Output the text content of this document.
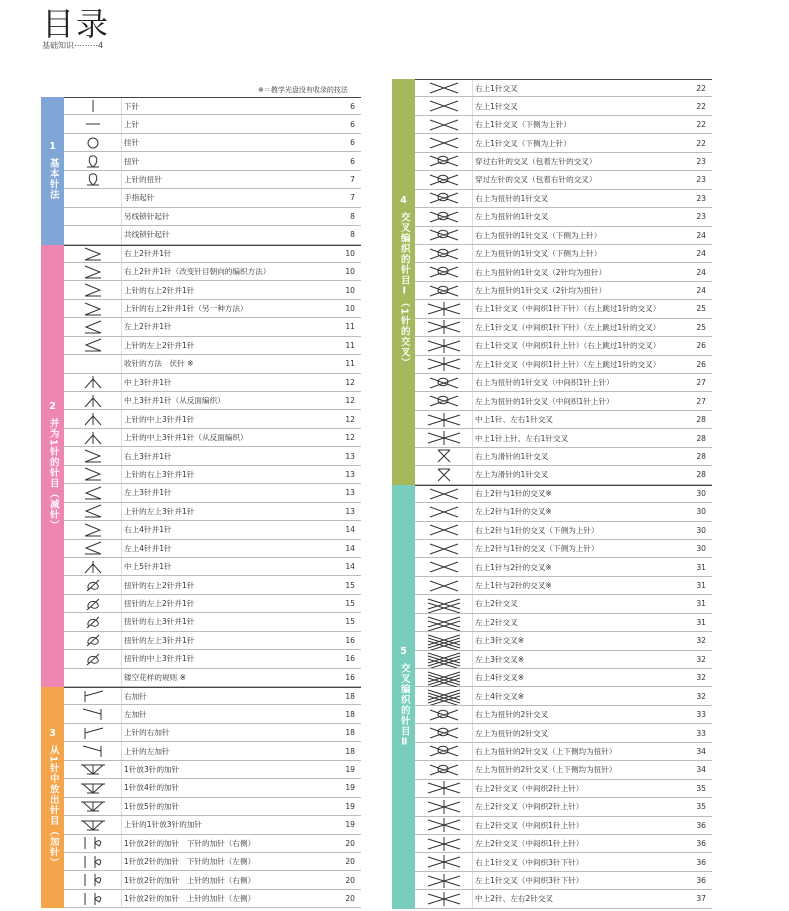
目录
基础知识⋯⋯⋯4
※＝教学光盘没有收录的技法
1
基本针法
下针	6
上针	6
挂针	6
扭针	6
上针的扭针	7
手指起针	7
另线锁针起针	8
共线锁针起针	8
2
并为1针的针目（减针）
右上2针并1针	10
右上2针并1针（改变针目朝向的编织方法）	10
上针的右上2针并1针	10
上针的右上2针并1针（另一种方法）	10
左上2针并1针	11
上针的左上2针并1针	11
收针的方法　伏针 ※	11
中上3针并1针	12
中上3针并1针（从反面编织）	12
上针的中上3针并1针	12
上针的中上3针并1针（从反面编织）	12
右上3针并1针	13
上针的右上3针并1针	13
左上3针并1针	13
上针的左上3针并1针	13
右上4针并1针	14
左上4针并1针	14
中上5针并1针	14
扭针的右上2针并1针	15
扭针的左上2针并1针	15
扭针的右上3针并1针	15
扭针的左上3针并1针	16
扭针的中上3针并1针	16
镂空花样的规则 ※	16
3
从1针中放出针目（加针）
右加针	18
左加针	18
上针的右加针	18
上针的左加针	18
1针放3针的加针	19
1针放4针的加针	19
1针放5针的加针	19
上针的1针放3针的加针	19
1针放2针的加针　下针的加针（右侧）	20
1针放2针的加针　下针的加针（左侧）	20
1针放2针的加针　上针的加针（右侧）	20
1针放2针的加针　上针的加针（左侧）	20
4
交叉编织的针目Ⅰ（1针的交叉）
右上1针交叉	22
左上1针交叉	22
右上1针交叉（下侧为上针）	22
左上1针交叉（下侧为上针）	22
穿过右针的交叉（包着左针的交叉）	23
穿过左针的交叉（包着右针的交叉）	23
右上为扭针的1针交叉	23
左上为扭针的1针交叉	23
右上为扭针的1针交叉（下侧为上针）	24
左上为扭针的1针交叉（下侧为上针）	24
右上为扭针的1针交叉（2针均为扭针）	24
左上为扭针的1针交叉（2针均为扭针）	24
右上1针交叉（中间织1针下针）（右上跳过1针的交叉）	25
左上1针交叉（中间织1针下针）（左上跳过1针的交叉）	25
右上1针交叉（中间织1针上针）（右上跳过1针的交叉）	26
左上1针交叉（中间织1针上针）（左上跳过1针的交叉）	26
右上为扭针的1针交叉（中间织1针上针）	27
左上为扭针的1针交叉（中间织1针上针）	27
中上1针、左右1针交叉	28
中上1针上针、左右1针交叉	28
右上为滑针的1针交叉	28
左上为滑针的1针交叉	28
5
交叉编织的针目Ⅱ
右上2针与1针的交叉※	30
左上2针与1针的交叉※	30
右上2针与1针的交叉（下侧为上针）	30
左上2针与1针的交叉（下侧为上针）	30
右上1针与2针的交叉※	31
左上1针与2针的交叉※	31
右上2针交叉	31
左上2针交叉	31
右上3针交叉※	32
左上3针交叉※	32
右上4针交叉※	32
左上4针交叉※	32
右上为扭针的2针交叉	33
左上为扭针的2针交叉	33
右上为扭针的2针交叉（上下侧均为扭针）	34
左上为扭针的2针交叉（上下侧均为扭针）	34
右上2针交叉（中间织2针上针）	35
左上2针交叉（中间织2针上针）	35
右上2针交叉（中间织1针上针）	36
左上2针交叉（中间织1针上针）	36
右上1针交叉（中间织3针下针）	36
左上1针交叉（中间织3针下针）	36
中上2针、左右2针交叉	37
